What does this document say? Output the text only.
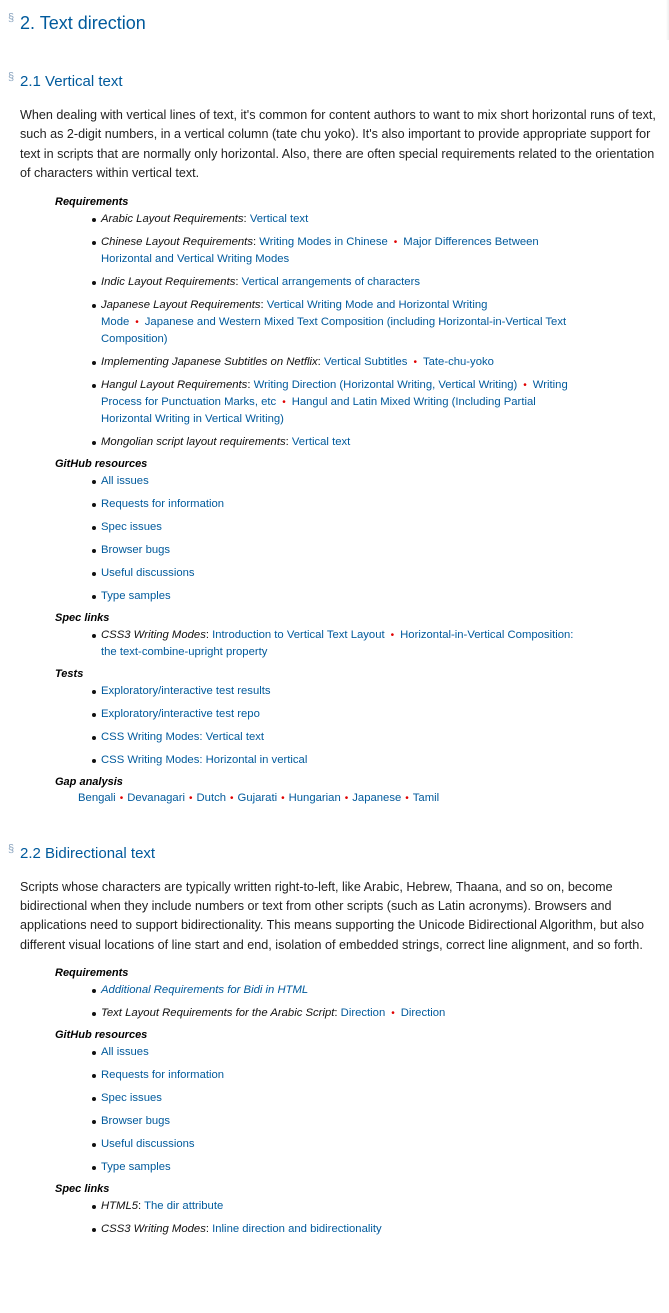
§ 2. Text direction
§ 2.1 Vertical text

When dealing with vertical lines of text, it's common for content authors to want to mix short horizontal runs of text, such as 2-digit numbers, in a vertical column (tate chu yoko). It's also important to provide appropriate support for text in scripts that are normally only horizontal. Also, there are often special requirements related to the orientation of characters within vertical text.

Requirements

Arabic Layout Requirements: Vertical text
Chinese Layout Requirements: Writing Modes in Chinese • Major Differences Between Horizontal and Vertical Writing Modes
Indic Layout Requirements: Vertical arrangements of characters
Japanese Layout Requirements: Vertical Writing Mode and Horizontal Writing Mode • Japanese and Western Mixed Text Composition (including Horizontal-in-Vertical Text Composition)
Implementing Japanese Subtitles on Netflix: Vertical Subtitles • Tate-chu-yoko
Hangul Layout Requirements: Writing Direction (Horizontal Writing, Vertical Writing) • Writing Process for Punctuation Marks, etc • Hangul and Latin Mixed Writing (Including Partial Horizontal Writing in Vertical Writing)
Mongolian script layout requirements: Vertical text

GitHub resources

All issues
Requests for information
Spec issues
Browser bugs
Useful discussions
Type samples

Spec links

CSS3 Writing Modes: Introduction to Vertical Text Layout • Horizontal-in-Vertical Composition: the text-combine-upright property

Tests

Exploratory/interactive test results
Exploratory/interactive test repo
CSS Writing Modes: Vertical text
CSS Writing Modes: Horizontal in vertical

Gap analysis

Bengali • Devanagari • Dutch • Gujarati • Hungarian • Japanese • Tamil
§ 2.2 Bidirectional text

Scripts whose characters are typically written right-to-left, like Arabic, Hebrew, Thaana, and so on, become bidirectional when they include numbers or text from other scripts (such as Latin acronyms). Browsers and applications need to support bidirectionality. This means supporting the Unicode Bidirectional Algorithm, but also different visual locations of line start and end, isolation of embedded strings, correct line alignment, and so forth.

Requirements

Additional Requirements for Bidi in HTML
Text Layout Requirements for the Arabic Script: Direction • Direction

GitHub resources

All issues
Requests for information
Spec issues
Browser bugs
Useful discussions
Type samples

Spec links

HTML5: The dir attribute
CSS3 Writing Modes: Inline direction and bidirectionality
